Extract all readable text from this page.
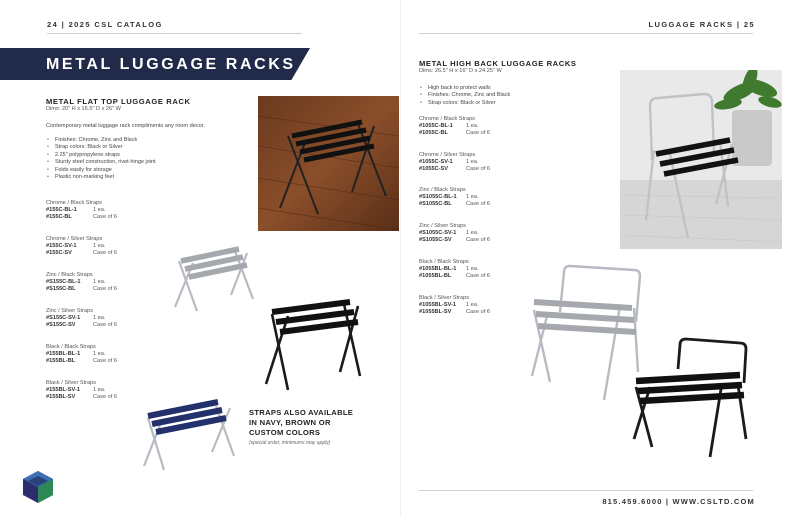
24 | 2025 CSL CATALOG	LUGGAGE RACKS | 25
METAL LUGGAGE RACKS
METAL FLAT TOP LUGGAGE RACK
Dims: 20" H x 16.5" D x 26" W
Contemporary metal luggage rack compliments any room decor.
• Finishes: Chrome, Zinc and Black
• Strap colors: Black or Silver
• 2.25" polypropylene straps
• Sturdy steel construction, rivet-hinge joint
• Folds easily for storage
• Plastic non-marking feet
Chrome / Black Straps
#155C-BL-1	1 ea.
#155C-BL	Case of 6
Chrome / Silver Straps
#155C-SV-1	1 ea.
#155C-SV	Case of 6
Zinc / Black Straps
#S155C-BL-1	1 ea.
#S155C-BL	Case of 6
Zinc / Silver Straps
#S155C-SV-1	1 ea.
#S155C-SV	Case of 6
Black / Black Straps
#155BL-BL-1	1 ea.
#155BL-BL	Case of 6
Black / Silver Straps
#155BL-SV-1	1 ea.
#155BL-SV	Case of 6
STRAPS ALSO AVAILABLE
IN NAVY, BROWN OR
CUSTOM COLORS
(special order, minimums may apply)
METAL HIGH BACK LUGGAGE RACKS
Dims: 26.5" H x 16" D x 24.25" W
• High back to protect walls
• Finishes: Chrome, Zinc and Black
• Strap colors: Black or Silver
Chrome / Black Straps
#1055C-BL-1	1 ea.
#1055C-BL	Case of 6
Chrome / Silver Straps
#1055C-SV-1	1 ea.
#1055C-SV	Case of 6
Zinc / Black Straps
#S1055C-BL-1	1 ea.
#S1055C-BL	Case of 6
Zinc / Silver Straps
#S1055C-SV-1	1 ea.
#S1055C-SV	Case of 6
Black / Black Straps
#1055BL-BL-1	1 ea.
#1055BL-BL	Case of 6
Black / Silver Straps
#1055BL-SV-1	1 ea.
#1055BL-SV	Case of 6
815.459.6000 | WWW.CSLTD.COM
